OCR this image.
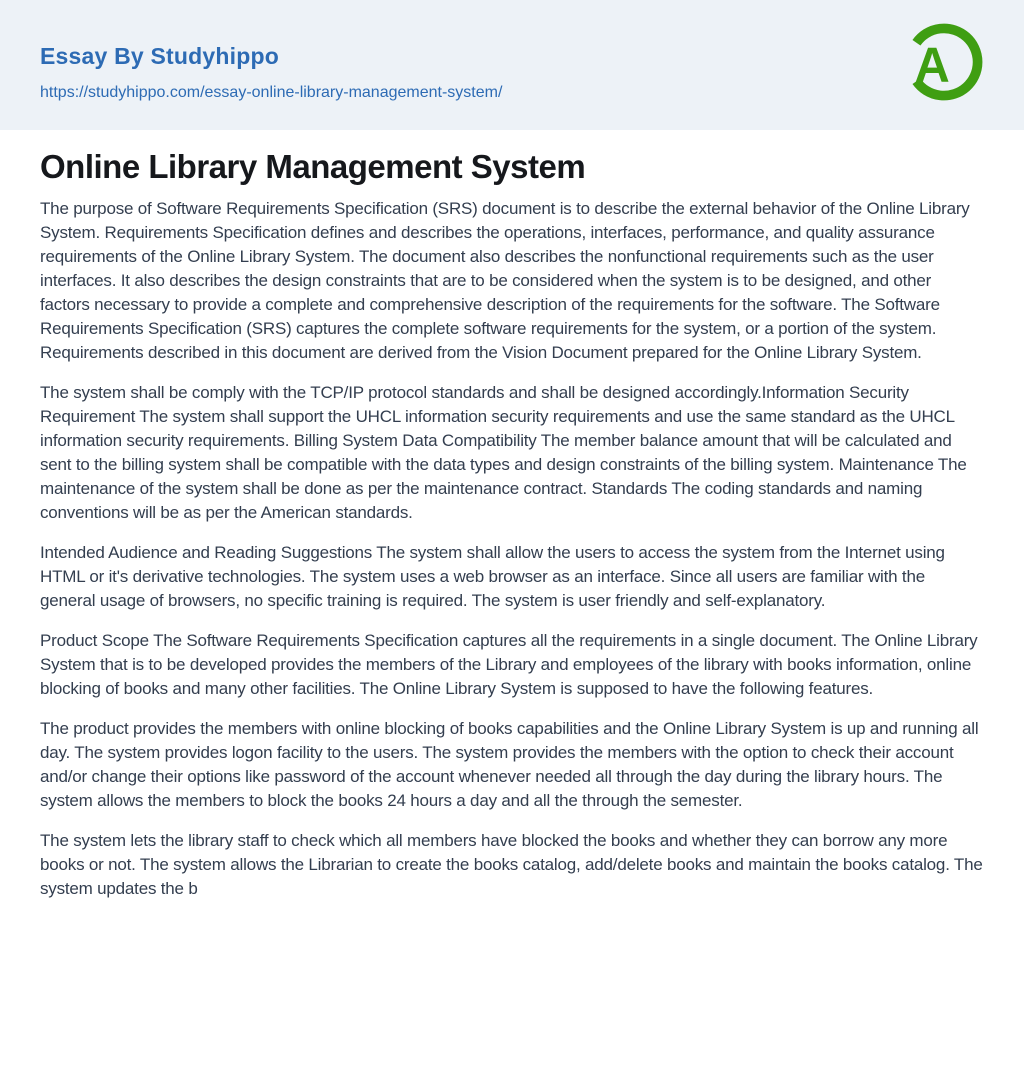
Essay By Studyhippo
https://studyhippo.com/essay-online-library-management-system/	A
Online Library Management System

The purpose of Software Requirements Specification (SRS) document is to describe the external behavior of the Online Library System. Requirements Specification defines and describes the operations, interfaces, performance, and quality assurance requirements of the Online Library System. The document also describes the nonfunctional requirements such as the user interfaces. It also describes the design constraints that are to be considered when the system is to be designed, and other factors necessary to provide a complete and comprehensive description of the requirements for the software. The Software Requirements Specification (SRS) captures the complete software requirements for the system, or a portion of the system. Requirements described in this document are derived from the Vision Document prepared for the Online Library System.

The system shall be comply with the TCP/IP protocol standards and shall be designed accordingly.Information Security Requirement The system shall support the UHCL information security requirements and use the same standard as the UHCL information security requirements. Billing System Data Compatibility The member balance amount that will be calculated and sent to the billing system shall be compatible with the data types and design constraints of the billing system. Maintenance The maintenance of the system shall be done as per the maintenance contract. Standards The coding standards and naming conventions will be as per the American standards.

Intended Audience and Reading Suggestions The system shall allow the users to access the system from the Internet using HTML or it's derivative technologies. The system uses a web browser as an interface. Since all users are familiar with the general usage of browsers, no specific training is required. The system is user friendly and self-explanatory.

Product Scope The Software Requirements Specification captures all the requirements in a single document. The Online Library System that is to be developed provides the members of the Library and employees of the library with books information, online blocking of books and many other facilities. The Online Library System is supposed to have the following features.

The product provides the members with online blocking of books capabilities and the Online Library System is up and running all day. The system provides logon facility to the users. The system provides the members with the option to check their account and/or change their options like password of the account whenever needed all through the day during the library hours. The system allows the members to block the books 24 hours a day and all the through the semester.

The system lets the library staff to check which all members have blocked the books and whether they can borrow any more books or not. The system allows the Librarian to create the books catalog, add/delete books and maintain the books catalog. The system updates the b
